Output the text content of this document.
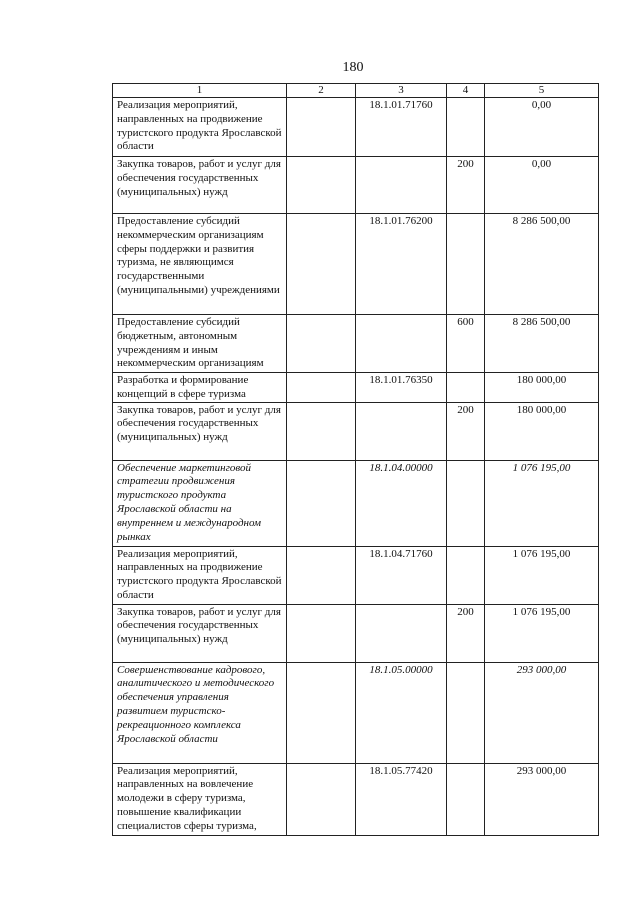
180
1	2	3	4	5
Реализация мероприятий, направленных на продвижение туристского продукта Ярославской области		18.1.01.71760		0,00
Закупка товаров, работ и услуг для обеспечения государственных (муниципальных) нужд			200	0,00
Предоставление субсидий некоммерческим организациям сферы поддержки и развития туризма, не являющимся государственными (муниципальными) учреждениями		18.1.01.76200		8 286 500,00
Предоставление субсидий бюджетным, автономным учреждениям и иным некоммерческим организациям			600	8 286 500,00
Разработка и формирование концепций в сфере туризма		18.1.01.76350		180 000,00
Закупка товаров, работ и услуг для обеспечения государственных (муниципальных) нужд			200	180 000,00
Обеспечение маркетинговой стратегии продвижения туристского продукта Ярославской области на внутреннем и международном рынках		18.1.04.00000		1 076 195,00
Реализация мероприятий, направленных на продвижение туристского продукта Ярославской области		18.1.04.71760		1 076 195,00
Закупка товаров, работ и услуг для обеспечения государственных (муниципальных) нужд			200	1 076 195,00
Совершенствование кадрового, аналитического и методического обеспечения управления развитием туристско-рекреационного комплекса Ярославской области		18.1.05.00000		293 000,00
Реализация мероприятий, направленных на вовлечение молодежи в сферу туризма, повышение квалификации специалистов сферы туризма,		18.1.05.77420		293 000,00
